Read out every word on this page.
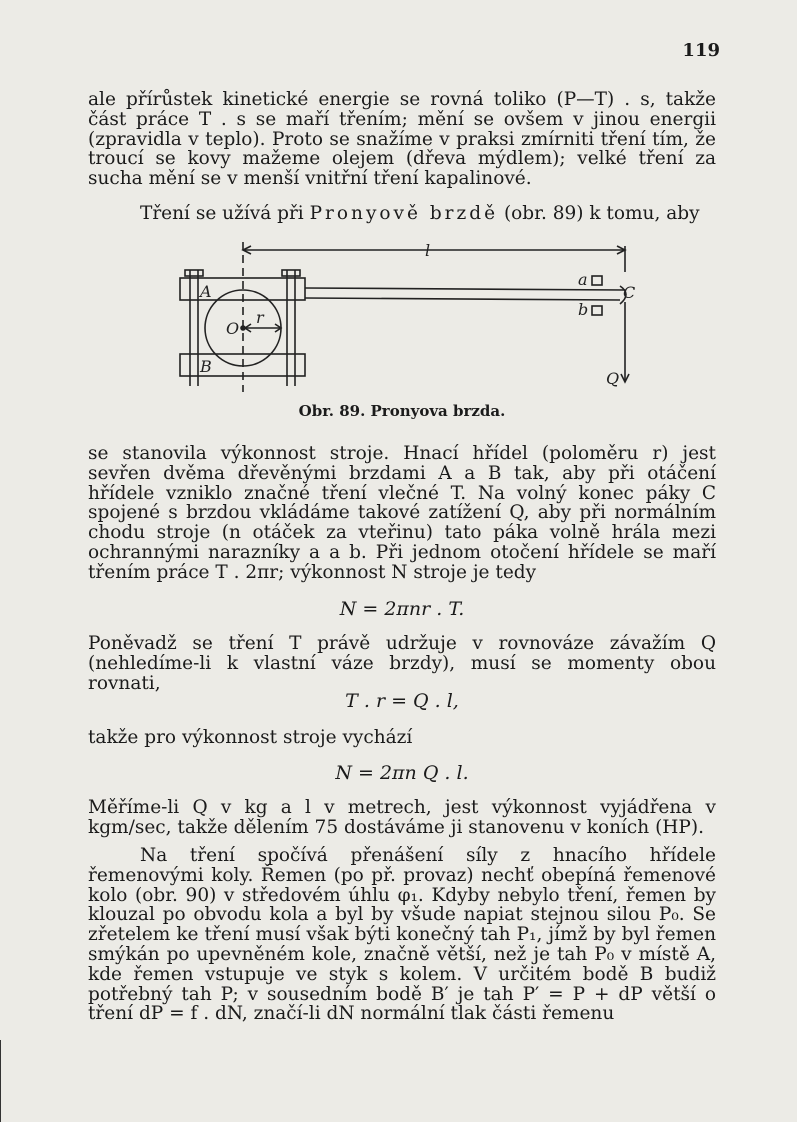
119

ale přírůstek kinetické energie se rovná toliko (P—T) . s, takže část práce T . s se maří třením; mění se ovšem v jinou energii (zpravidla v teplo). Proto se snažíme v praksi zmírniti tření tím, že troucí se kovy mažeme olejem (dřeva mýdlem); velké tření za sucha mění se v menší vnitřní tření kapalinové.

Tření se užívá při Pronyově brzdě (obr. 89) k tomu, aby

l
a
b
C
A
B
O
r
Q
Obr. 89. Pronyova brzda.

se stanovila výkonnost stroje. Hnací hřídel (poloměru r) jest sevřen dvěma dřevěnými brzdami A a B tak, aby při otáčení hřídele vzniklo značné tření vlečné T. Na volný konec páky C spojené s brzdou vkládáme takové zatížení Q, aby při normálním chodu stroje (n otáček za vteřinu) tato páka volně hrála mezi ochrannými narazníky a a b. Při jednom otočení hřídele se maří třením práce T . 2πr; výkonnost N stroje je tedy

N = 2πnr . T.

Poněvadž se tření T právě udržuje v rovnováze závažím Q (nehledíme-li k vlastní váze brzdy), musí se momenty obou rovnati,

T . r = Q . l,

takže pro výkonnost stroje vychází

N = 2πn Q . l.

Měříme-li Q v kg a l v metrech, jest výkonnost vyjádřena v kgm/sec, takže dělením 75 dostáváme ji stanovenu v koních (HP).

Na tření spočívá přenášení síly z hnacího hřídele řemenovými koly. Řemen (po př. provaz) nechť obepíná řemenové kolo (obr. 90) v středovém úhlu φ₁. Kdyby nebylo tření, řemen by klouzal po obvodu kola a byl by všude napiat stejnou silou P₀. Se zřetelem ke tření musí však býti konečný tah P₁, jímž by byl řemen smýkán po upevněném kole, značně větší, než je tah P₀ v místě A, kde řemen vstupuje ve styk s kolem. V určitém bodě B budiž potřebný tah P; v sousedním bodě B′ je tah P′ = P + dP větší o tření dP = f . dN, značí-li dN normální tlak části řemenu
